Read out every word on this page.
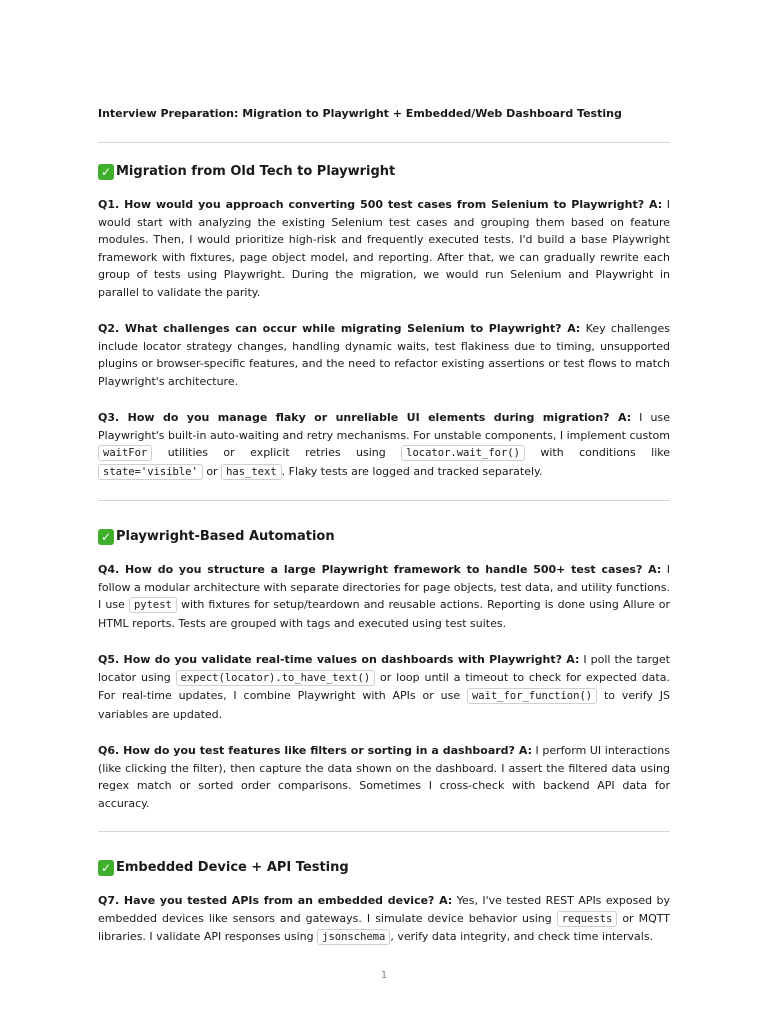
Interview Preparation: Migration to Playwright + Embedded/Web Dashboard Testing

✓ Migration from Old Tech to Playwright

Q1. How would you approach converting 500 test cases from Selenium to Playwright? A: I would start with analyzing the existing Selenium test cases and grouping them based on feature modules. Then, I would prioritize high-risk and frequently executed tests. I'd build a base Playwright framework with fixtures, page object model, and reporting. After that, we can gradually rewrite each group of tests using Playwright. During the migration, we would run Selenium and Playwright in parallel to validate the parity.

Q2. What challenges can occur while migrating Selenium to Playwright? A: Key challenges include locator strategy changes, handling dynamic waits, test flakiness due to timing, unsupported plugins or browser-specific features, and the need to refactor existing assertions or test flows to match Playwright's architecture.

Q3. How do you manage flaky or unreliable UI elements during migration? A: I use Playwright's built-in auto-waiting and retry mechanisms. For unstable components, I implement custom waitFor utilities or explicit retries using locator.wait_for() with conditions like state='visible' or has_text . Flaky tests are logged and tracked separately.

✓ Playwright-Based Automation

Q4. How do you structure a large Playwright framework to handle 500+ test cases? A: I follow a modular architecture with separate directories for page objects, test data, and utility functions. I use pytest with fixtures for setup/teardown and reusable actions. Reporting is done using Allure or HTML reports. Tests are grouped with tags and executed using test suites.

Q5. How do you validate real-time values on dashboards with Playwright? A: I poll the target locator using expect(locator).to_have_text() or loop until a timeout to check for expected data. For real-time updates, I combine Playwright with APIs or use wait_for_function() to verify JS variables are updated.

Q6. How do you test features like filters or sorting in a dashboard? A: I perform UI interactions (like clicking the filter), then capture the data shown on the dashboard. I assert the filtered data using regex match or sorted order comparisons. Sometimes I cross-check with backend API data for accuracy.

✓ Embedded Device + API Testing

Q7. Have you tested APIs from an embedded device? A: Yes, I've tested REST APIs exposed by embedded devices like sensors and gateways. I simulate device behavior using requests or MQTT libraries. I validate API responses using jsonschema , verify data integrity, and check time intervals.

1
